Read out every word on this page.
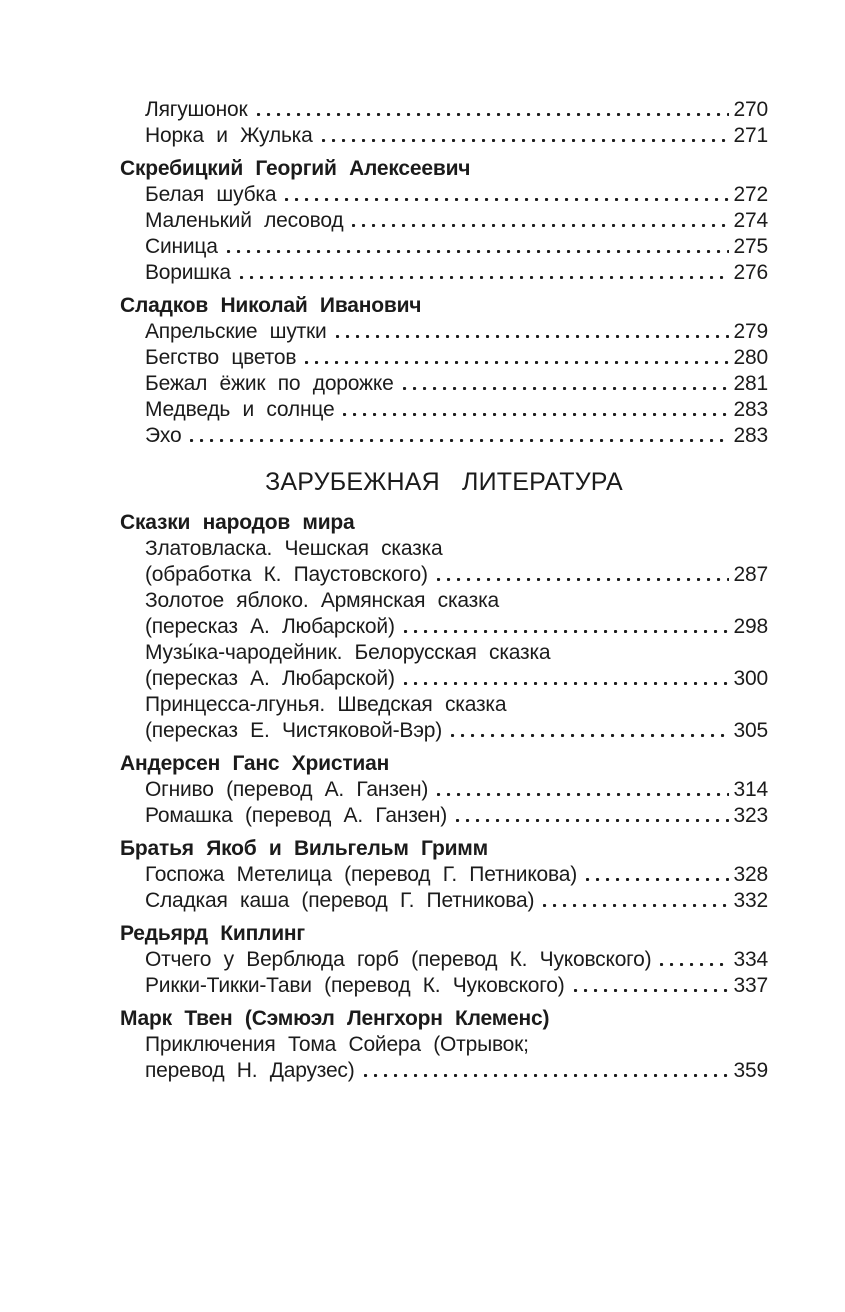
Лягушонок	270
Норка и Жулька	271
Скребицкий Георгий Алексеевич
Белая шубка	272
Маленький лесовод	274
Синица	275
Воришка	276
Сладков Николай Иванович
Апрельские шутки	279
Бегство цветов	280
Бежал ёжик по дорожке	281
Медведь и солнце	283
Эхо	283
ЗАРУБЕЖНАЯ ЛИТЕРАТУРА
Сказки народов мира
Златовласка. Чешская сказка
(обработка К. Паустовского)	287
Золотое яблоко. Армянская сказка
(пересказ А. Любарской)	298
Музы́ка-чародейник. Белорусская сказка
(пересказ А. Любарской)	300
Принцесса-лгунья. Шведская сказка
(пересказ Е. Чистяковой-Вэр)	305
Андерсен Ганс Христиан
Огниво (перевод А. Ганзен)	314
Ромашка (перевод А. Ганзен)	323
Братья Якоб и Вильгельм Гримм
Госпожа Метелица (перевод Г. Петникова)	328
Сладкая каша (перевод Г. Петникова)	332
Редьярд Киплинг
Отчего у Верблюда горб (перевод К. Чуковского)	334
Рикки-Тикки-Тави (перевод К. Чуковского)	337
Марк Твен (Сэмюэл Ленгхорн Клеменс)
Приключения Тома Сойера (Отрывок;
перевод Н. Дарузес)	359
